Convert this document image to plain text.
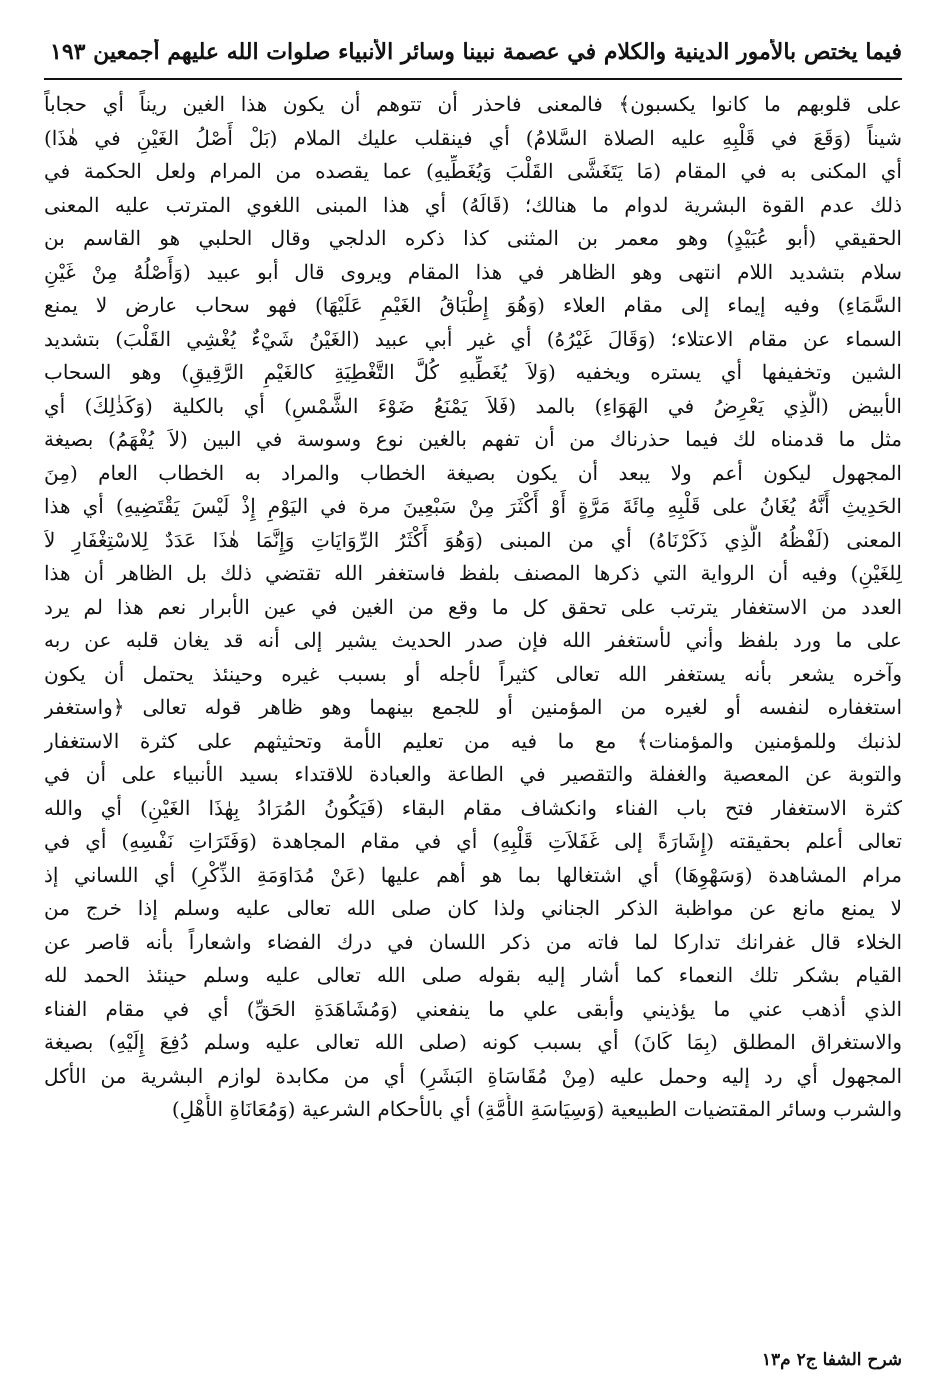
١٩٣ فيما يختص بالأمور الدينية والكلام في عصمة نبينا وسائر الأنبياء صلوات الله عليهم أجمعين
على قلوبهم ما كانوا يكسبون﴾ فالمعنى فاحذر أن تتوهم أن يكون هذا الغين ريناً أي حجاباً
شيناً (وَقَعَ في قَلْبِهِ عليه الصلاة السَّلامُ) أي فينقلب عليك الملام (بَلْ أَصْلُ الغَيْنِ في هٰذَا)
أي المكنى به في المقام (مَا يَتَغَشَّى القَلْبَ وَيُغَطِّيهِ) عما يقصده من المرام ولعل الحكمة في
ذلك عدم القوة البشرية لدوام ما هنالك؛ (قَالَهُ) أي هذا المبنى اللغوي المترتب عليه المعنى
الحقيقي (أبو عُبَيْدٍ) وهو معمر بن المثنى كذا ذكره الدلجي وقال الحلبي هو القاسم بن
سلام بتشديد اللام انتهى وهو الظاهر في هذا المقام ويروى قال أبو عبيد (وَأَصْلُهُ مِنْ غَيْنِ
السَّمَاءِ) وفيه إيماء إلى مقام العلاء (وَهُوَ إِطْبَاقُ الغَيْمِ عَلَيْهَا) فهو سحاب عارض لا يمنع
السماء عن مقام الاعتلاء؛ (وَقَالَ غَيْرُهُ) أي غير أبي عبيد (الغَيْنُ شَيْءٌ يُغْشِي القَلْبَ) بتشديد
الشين وتخفيفها أي يستره ويخفيه (وَلاَ يُغَطِّيهِ كُلَّ التَّغْطِيَةِ كالغَيْمِ الرَّقِيقِ) وهو السحاب
الأبيض (الَّذِي يَعْرِضُ في الهَوَاءِ) بالمد (فَلاَ يَمْنَعُ ضَوْءَ الشَّمْسِ) أي بالكلية (وَكَذٰلِكَ) أي
مثل ما قدمناه لك فيما حذرناك من أن تفهم بالغين نوع وسوسة في البين (لاَ يُفْهَمُ) بصيغة
المجهول ليكون أعم ولا يبعد أن يكون بصيغة الخطاب والمراد به الخطاب العام (مِنَ
الحَدِيثِ أَنَّهُ يُغَانُ على قَلْبِهِ مِائَةَ مَرَّةٍ أَوْ أَكْثَرَ مِنْ سَبْعِينَ مرة في اليَوْمِ إِذْ لَيْسَ يَقْتَضِيهِ) أي هذا
المعنى (لَفْظُهُ الَّذِي ذَكَرْنَاهُ) أي من المبنى (وَهُوَ أَكْثَرُ الرِّوَايَاتِ وَإِنَّمَا هٰذَا عَدَدٌ لِلاسْتِغْفَارِ لاَ
لِلغَيْنِ) وفيه أن الرواية التي ذكرها المصنف بلفظ فاستغفر الله تقتضي ذلك بل الظاهر أن هذا
العدد من الاستغفار يترتب على تحقق كل ما وقع من الغين في عين الأبرار نعم هذا لم يرد
على ما ورد بلفظ وأني لأستغفر الله فإن صدر الحديث يشير إلى أنه قد يغان قلبه عن ربه
وآخره يشعر بأنه يستغفر الله تعالى كثيراً لأجله أو بسبب غيره وحينئذ يحتمل أن يكون
استغفاره لنفسه أو لغيره من المؤمنين أو للجمع بينهما وهو ظاهر قوله تعالى ﴿واستغفر
لذنبك وللمؤمنين والمؤمنات﴾ مع ما فيه من تعليم الأمة وتحثيثهم على كثرة الاستغفار
والتوبة عن المعصية والغفلة والتقصير في الطاعة والعبادة للاقتداء بسيد الأنبياء على أن في
كثرة الاستغفار فتح باب الفناء وانكشاف مقام البقاء (فَيَكُونُ المُرَادُ بِهٰذَا الغَيْنِ) أي والله
تعالى أعلم بحقيقته (إِشَارَةً إلى غَفَلاَتِ قَلْبِهِ) أي في مقام المجاهدة (وَفَتَرَاتِ نَفْسِهِ) أي في
مرام المشاهدة (وَسَهْوِهَا) أي اشتغالها بما هو أهم عليها (عَنْ مُدَاوَمَةِ الذِّكْرِ) أي اللساني إذ
لا يمنع مانع عن مواظبة الذكر الجناني ولذا كان صلى الله تعالى عليه وسلم إذا خرج من
الخلاء قال غفرانك تداركا لما فاته من ذكر اللسان في درك الفضاء واشعاراً بأنه قاصر عن
القيام بشكر تلك النعماء كما أشار إليه بقوله صلى الله تعالى عليه وسلم حينئذ الحمد لله
الذي أذهب عني ما يؤذيني وأبقى علي ما ينفعني (وَمُشَاهَدَةِ الحَقِّ) أي في مقام الفناء
والاستغراق المطلق (بِمَا كَانَ) أي بسبب كونه (صلى الله تعالى عليه وسلم دُفِعَ إِلَيْهِ) بصيغة
المجهول أي رد إليه وحمل عليه (مِنْ مُقَاسَاةِ البَشَرِ) أي من مكابدة لوازم البشرية من الأكل
والشرب وسائر المقتضيات الطبيعية (وَسِيَاسَةِ الأُمَّةِ) أي بالأحكام الشرعية (وَمُعَانَاةِ الأَهْلِ)
شرح الشفا ج٢ م١٣
